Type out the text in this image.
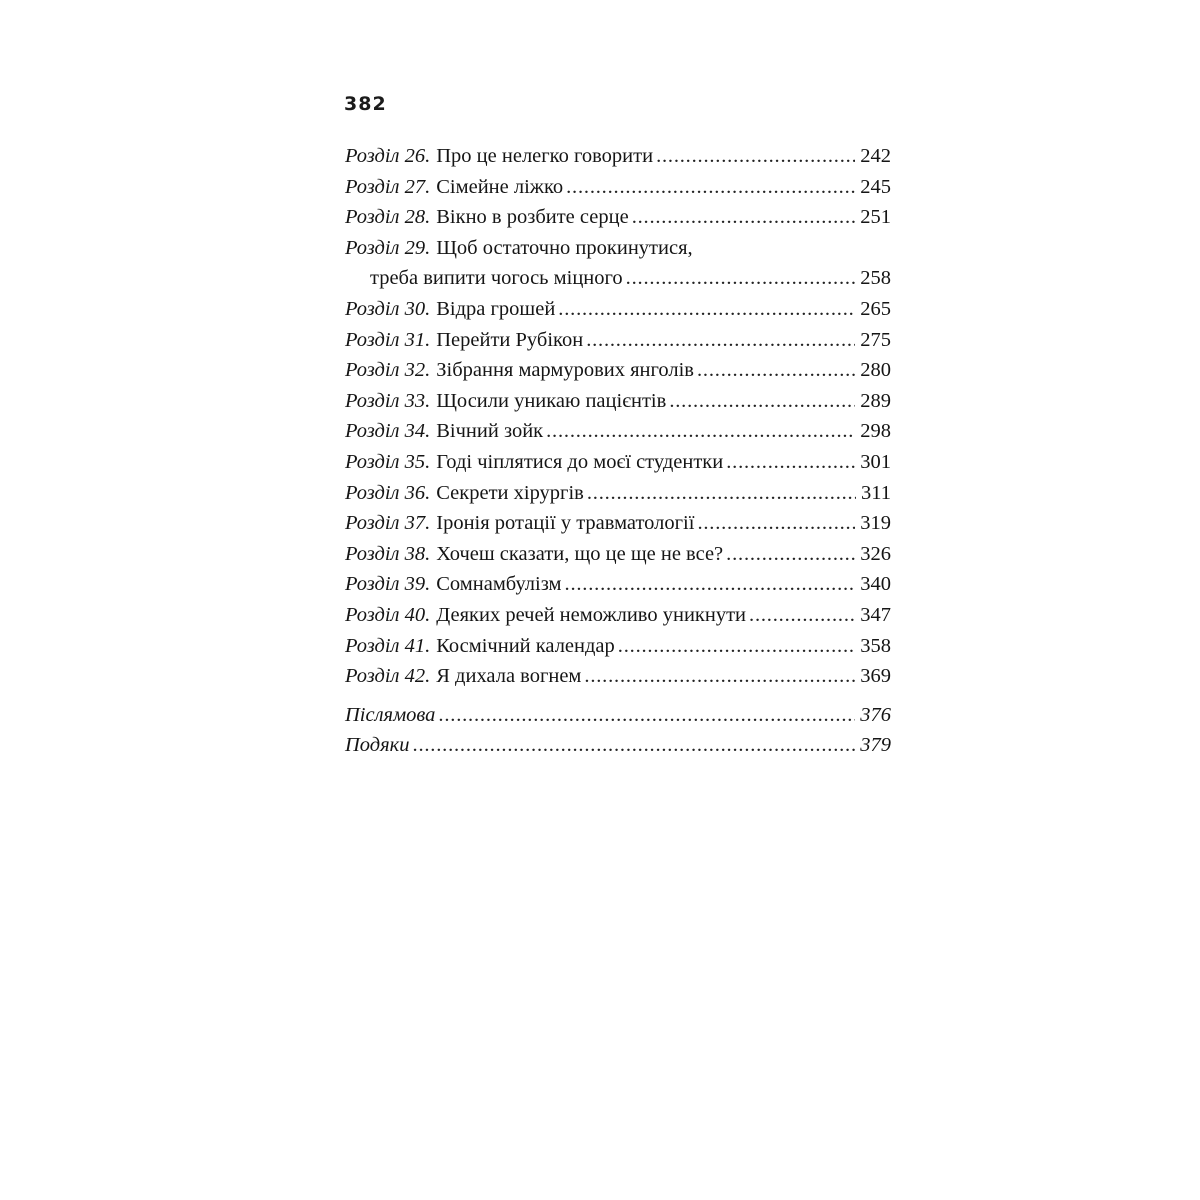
382
Розділ 26. Про це нелегко говорити .....	242
Розділ 27. Сімейне ліжко .....	245
Розділ 28. Вікно в розбите серце .....	251
Розділ 29. Щоб остаточно прокинутися,
треба випити чогось міцного .....	258
Розділ 30. Відра грошей .....	265
Розділ 31. Перейти Рубікон .....	275
Розділ 32. Зібрання мармурових янголів .....	280
Розділ 33. Щосили уникаю пацієнтів .....	289
Розділ 34. Вічний зойк .....	298
Розділ 35. Годі чіплятися до моєї студентки .....	301
Розділ 36. Секрети хірургів .....	311
Розділ 37. Іронія ротації у травматології .....	319
Розділ 38. Хочеш сказати, що це ще не все? .....	326
Розділ 39. Сомнамбулізм .....	340
Розділ 40. Деяких речей неможливо уникнути .....	347
Розділ 41. Космічний календар .....	358
Розділ 42. Я дихала вогнем .....	369
Післямова .....	376
Подяки .....	379
